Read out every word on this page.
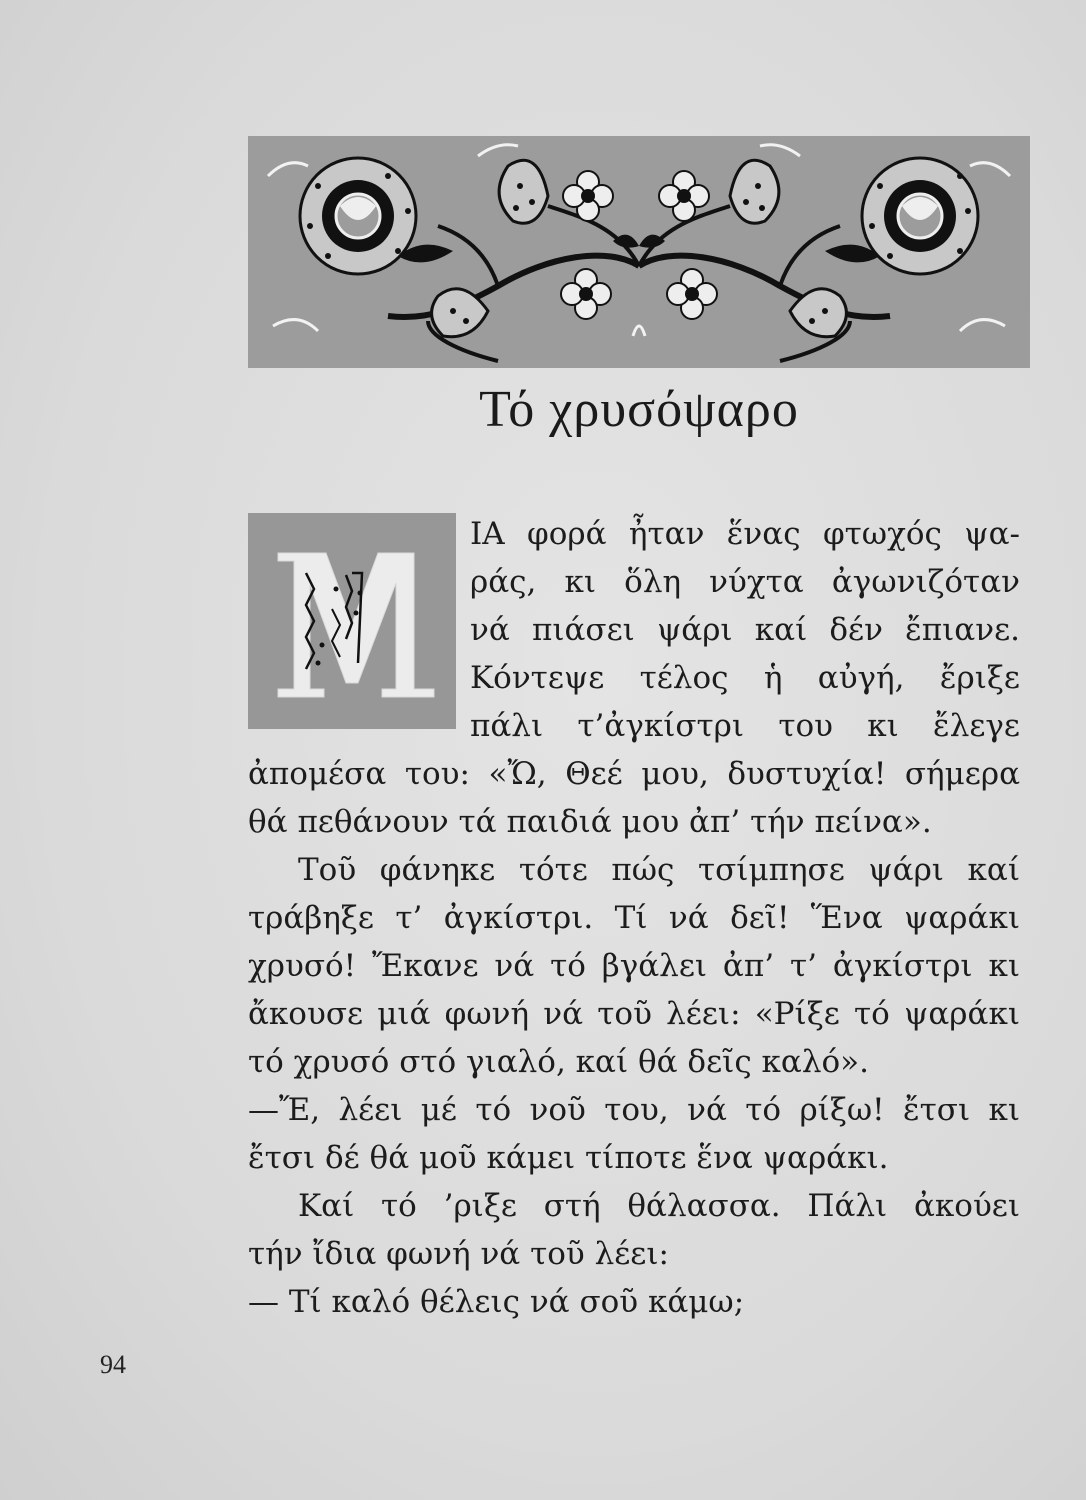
Τό χρυσόψαρο
ΙΑ φορά ἦταν ἕνας φτωχός ψα-
ράς, κι ὅλη νύχτα ἀγωνιζόταν
νά πιάσει ψάρι καί δέν ἔπιανε.
Κόντεψε τέλος ἡ αὐγή, ἔριξε
πάλι τ’ἀγκίστρι του κι ἔλεγε
ἀπομέσα του: «Ὤ, Θεέ μου, δυστυχία! σήμερα
θά πεθάνουν τά παιδιά μου ἀπ’ τήν πείνα».
Τοῦ φάνηκε τότε πώς τσίμπησε ψάρι καί
τράβηξε τ’ ἀγκίστρι. Τί νά δεῖ! Ἕνα ψαράκι
χρυσό! Ἔκανε νά τό βγάλει ἀπ’ τ’ ἀγκίστρι κι
ἄκουσε μιά φωνή νά τοῦ λέει: «Ρίξε τό ψαράκι
τό χρυσό στό γιαλό, καί θά δεῖς καλό».
—Ἔ, λέει μέ τό νοῦ του, νά τό ρίξω! ἔτσι κι
ἔτσι δέ θά μοῦ κάμει τίποτε ἕνα ψαράκι.
Καί τό ’ριξε στή θάλασσα. Πάλι ἀκούει
τήν ἴδια φωνή νά τοῦ λέει:
— Τί καλό θέλεις νά σοῦ κάμω;
94
